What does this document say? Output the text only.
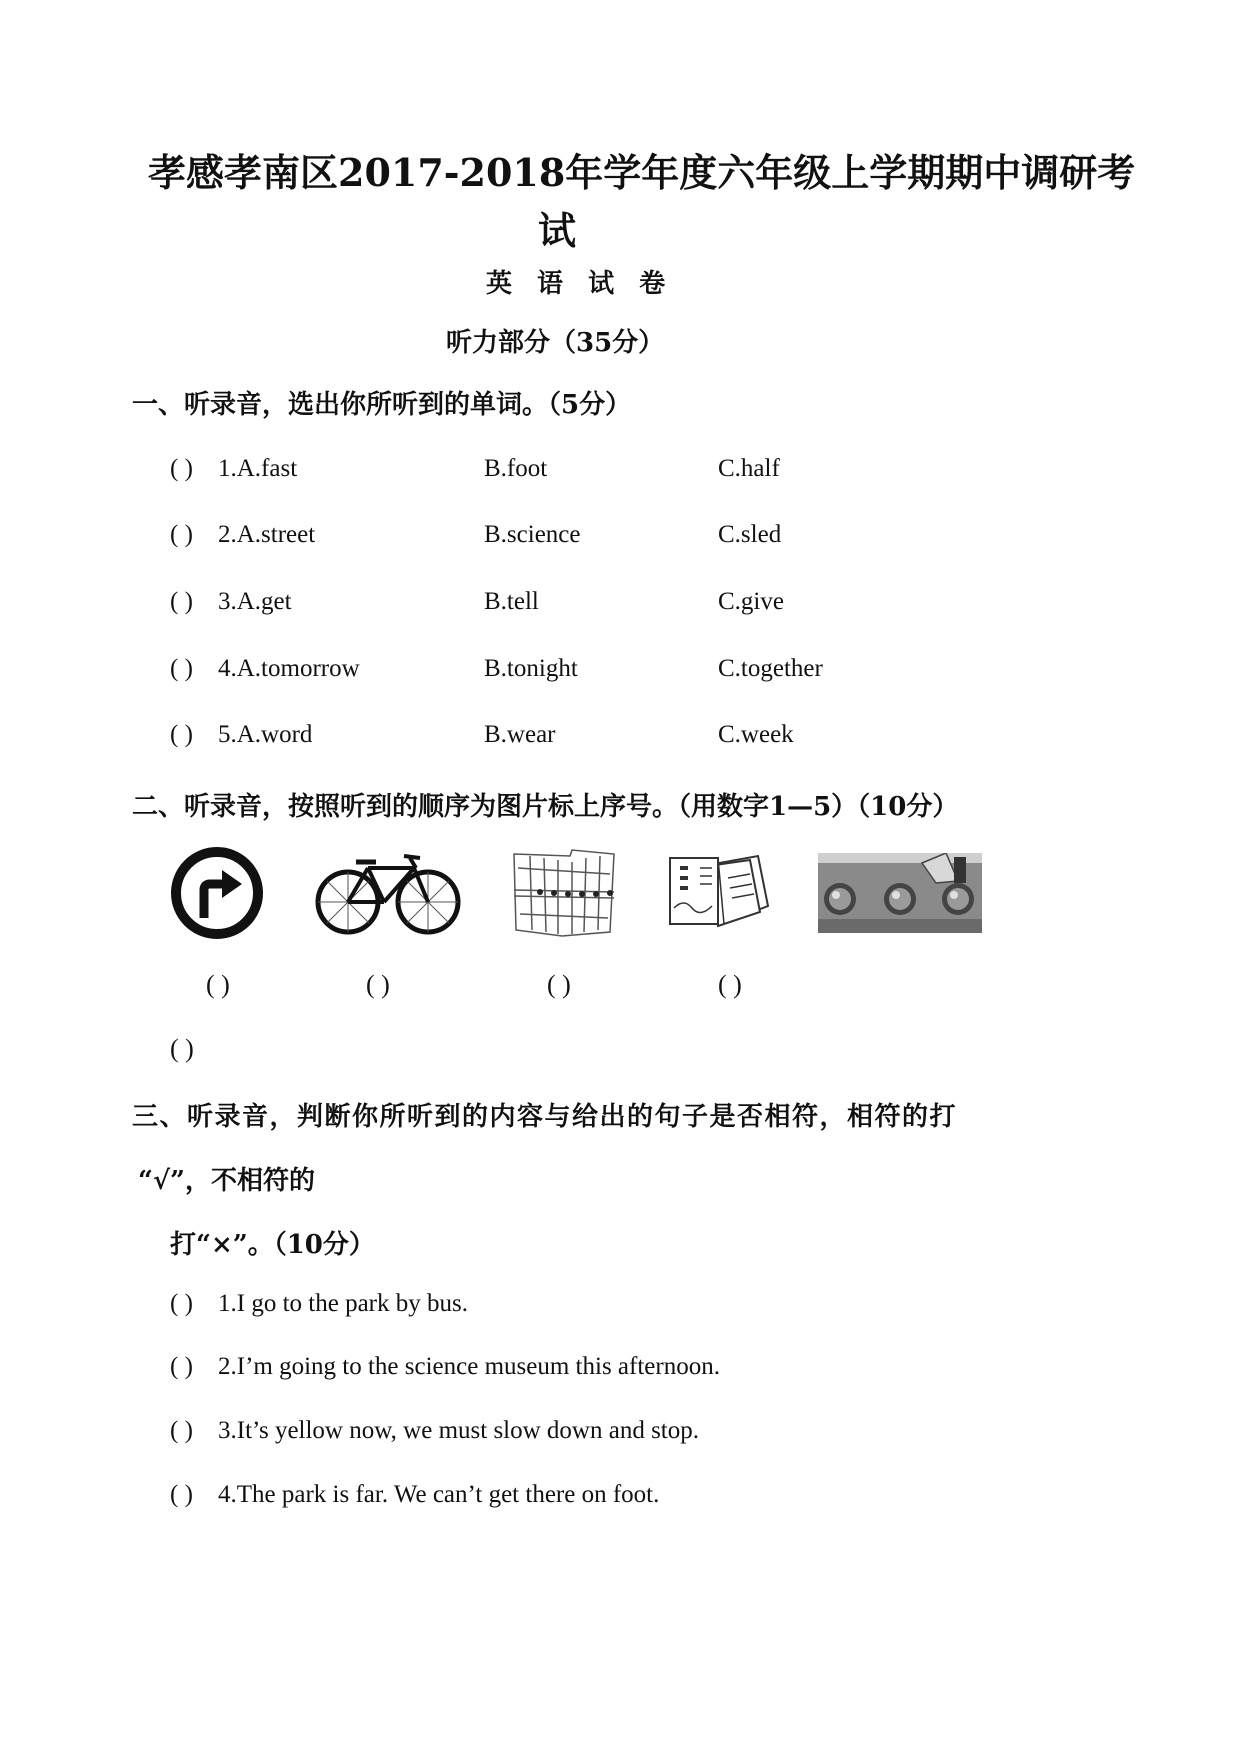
孝感孝南区2017-2018年学年度六年级上学期期中调研考
试
英 语 试 卷
听力部分（35分）
一、听录音，选出你所听到的单词。（5分）
( ) 1.A.fast	B.foot	C.half
( ) 2.A.street	B.science	C.sled
( ) 3.A.get	B.tell	C.give
( ) 4.A.tomorrow	B.tonight	C.together
( ) 5.A.word	B.wear	C.week
二、听录音，按照听到的顺序为图片标上序号。（用数字1—5）（10分）
( )	( )	( )	( )
( )
三、听录音，判断你所听到的内容与给出的句子是否相符，相符的打
“√”，不相符的
打“×”。（10分）
( ) 1.I go to the park by bus.
( ) 2.I’m going to the science museum this afternoon.
( ) 3.It’s yellow now, we must slow down and stop.
( ) 4.The park is far. We can’t get there on foot.
